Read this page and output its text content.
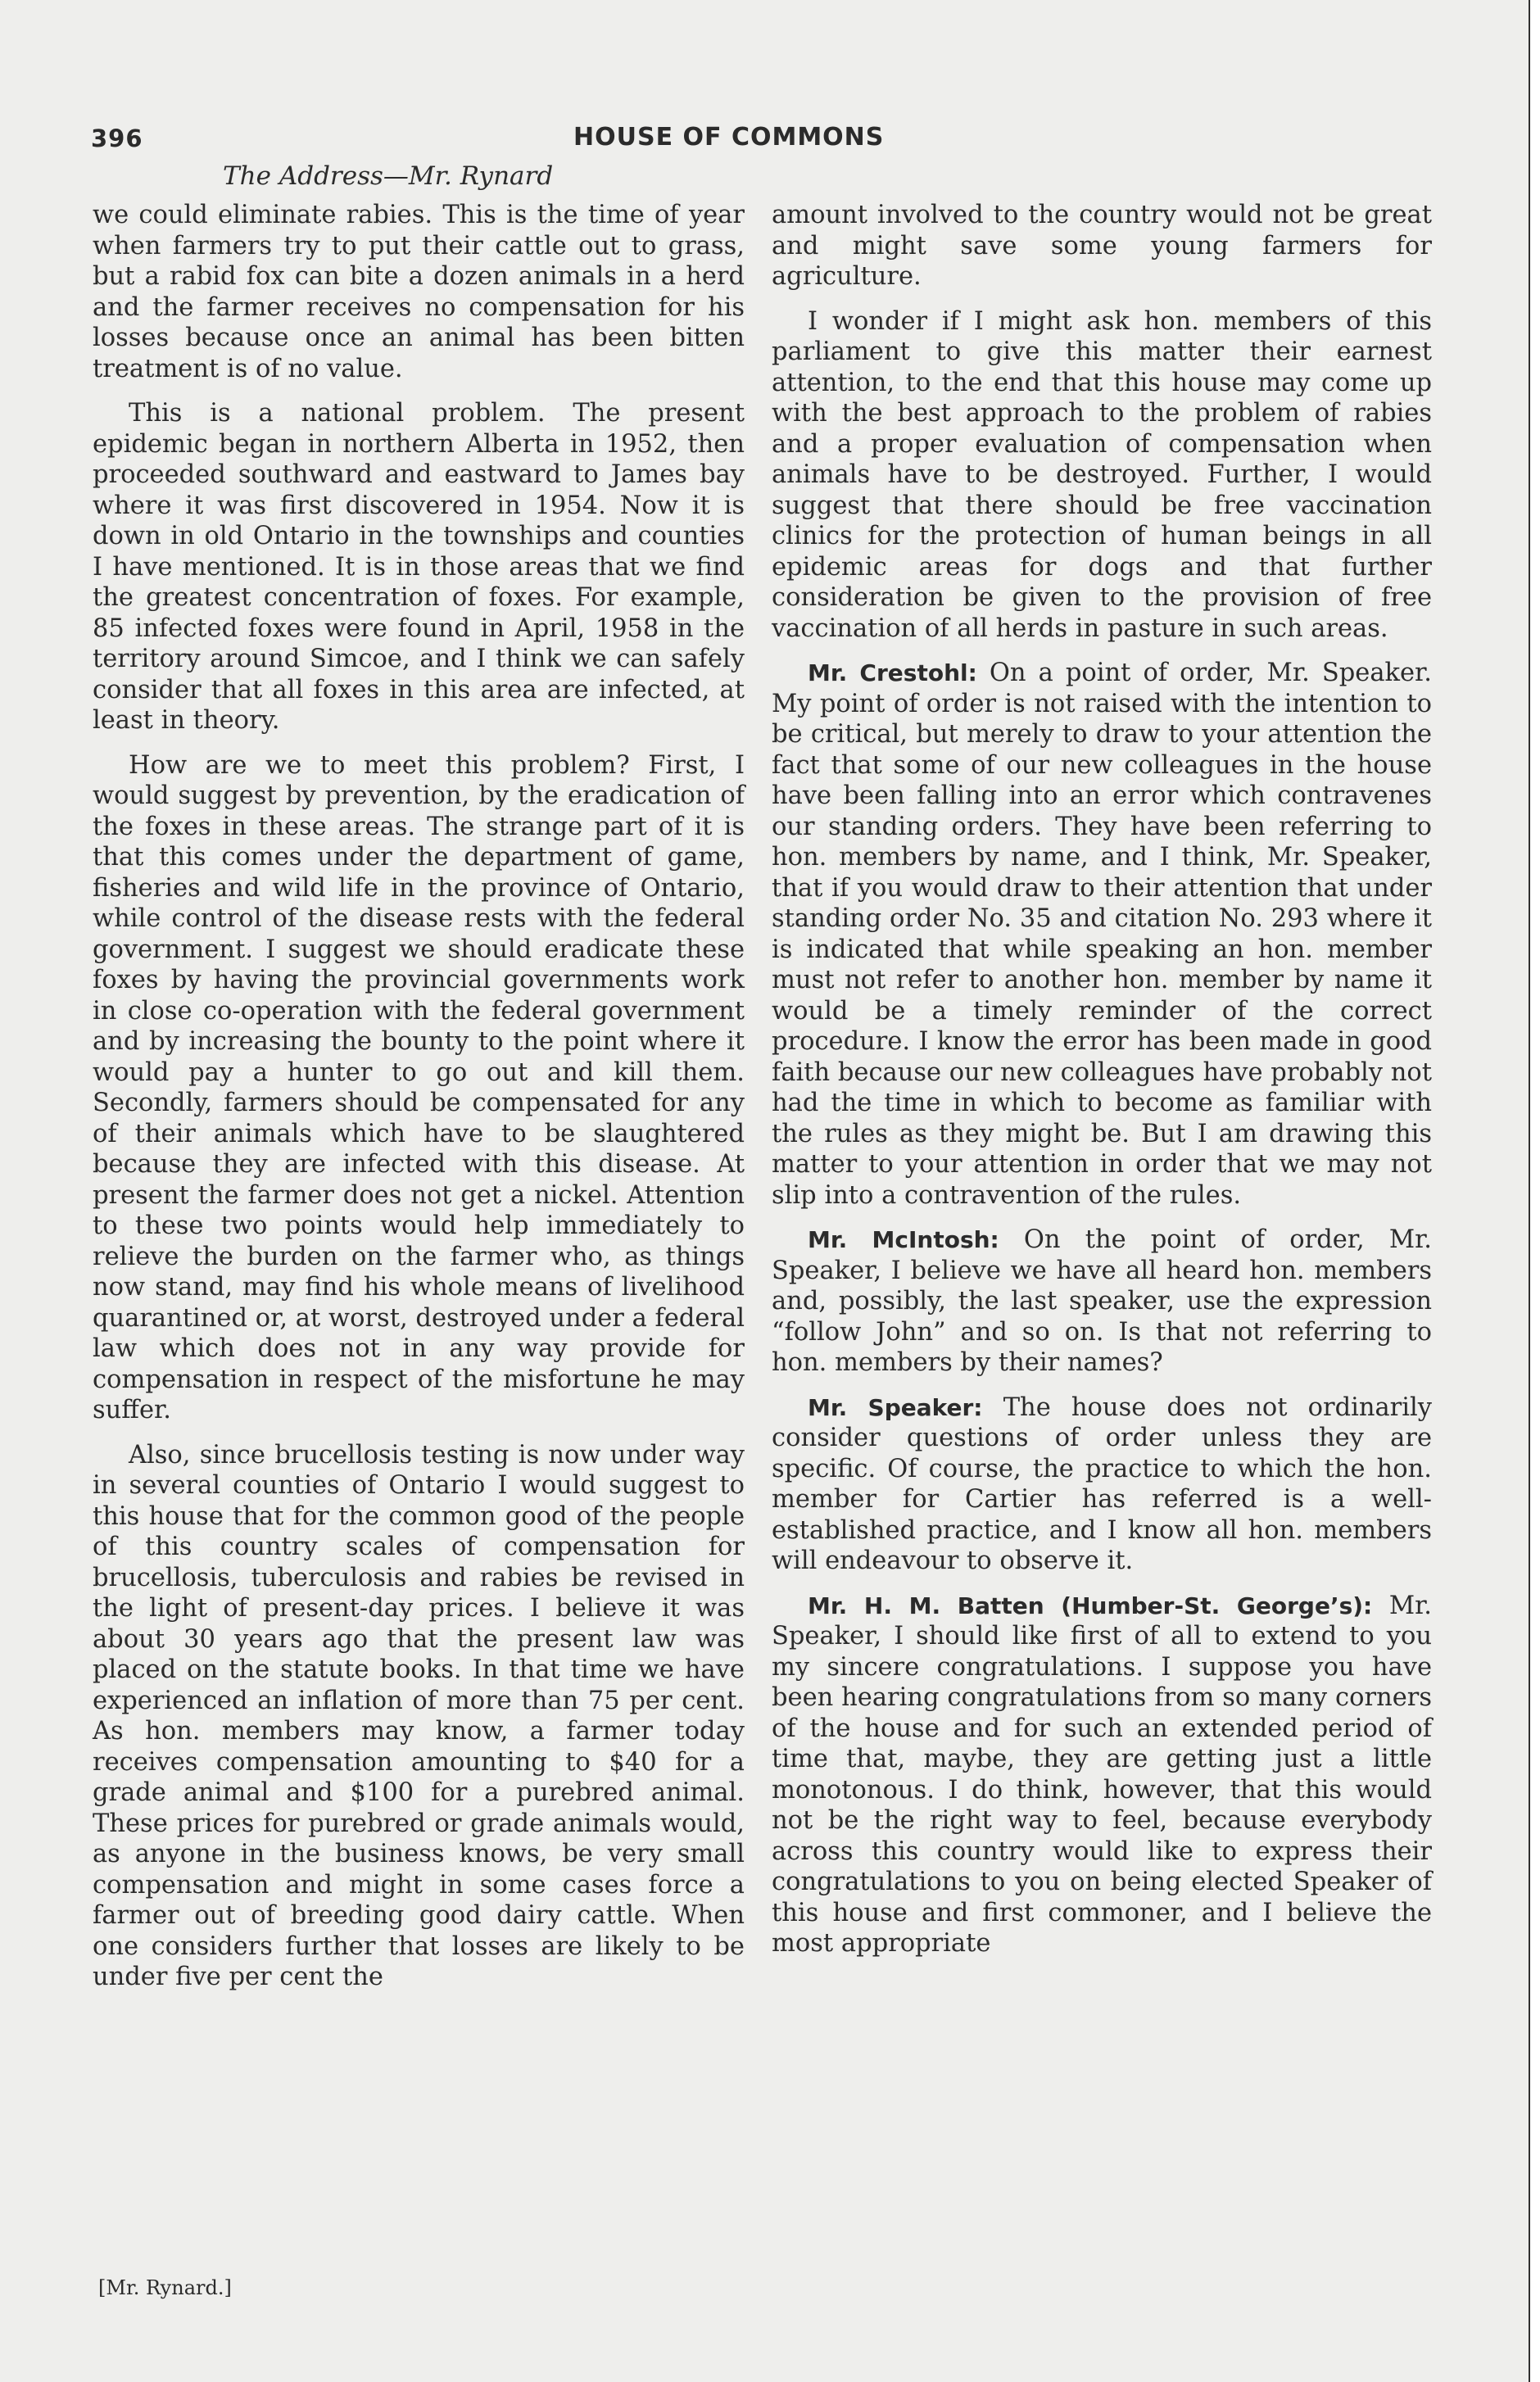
396	HOUSE OF COMMONS
The Address—Mr. Rynard

we could eliminate rabies. This is the time of year when farmers try to put their cattle out to grass, but a rabid fox can bite a dozen animals in a herd and the farmer receives no compensation for his losses because once an animal has been bitten treatment is of no value.

This is a national problem. The present epidemic began in northern Alberta in 1952, then proceeded southward and eastward to James bay where it was first discovered in 1954. Now it is down in old Ontario in the townships and counties I have mentioned. It is in those areas that we find the greatest concentration of foxes. For example, 85 infected foxes were found in April, 1958 in the territory around Simcoe, and I think we can safely consider that all foxes in this area are infected, at least in theory.

How are we to meet this problem? First, I would suggest by prevention, by the eradication of the foxes in these areas. The strange part of it is that this comes under the department of game, fisheries and wild life in the province of Ontario, while control of the disease rests with the federal government. I suggest we should eradicate these foxes by having the provincial governments work in close co-operation with the federal government and by increasing the bounty to the point where it would pay a hunter to go out and kill them. Secondly, farmers should be compensated for any of their animals which have to be slaughtered because they are infected with this disease. At present the farmer does not get a nickel. Attention to these two points would help immediately to relieve the burden on the farmer who, as things now stand, may find his whole means of livelihood quarantined or, at worst, destroyed under a federal law which does not in any way provide for compensation in respect of the misfortune he may suffer.

Also, since brucellosis testing is now under way in several counties of Ontario I would suggest to this house that for the common good of the people of this country scales of compensation for brucellosis, tuberculosis and rabies be revised in the light of present-day prices. I believe it was about 30 years ago that the present law was placed on the statute books. In that time we have experienced an inflation of more than 75 per cent. As hon. members may know, a farmer today receives compensation amounting to $40 for a grade animal and $100 for a purebred animal. These prices for purebred or grade animals would, as anyone in the business knows, be very small compensation and might in some cases force a farmer out of breeding good dairy cattle. When one considers further that losses are likely to be under five per cent the

amount involved to the country would not be great and might save some young farmers for agriculture.

I wonder if I might ask hon. members of this parliament to give this matter their earnest attention, to the end that this house may come up with the best approach to the problem of rabies and a proper evaluation of compensation when animals have to be destroyed. Further, I would suggest that there should be free vaccination clinics for the protection of human beings in all epidemic areas for dogs and that further consideration be given to the provision of free vaccination of all herds in pasture in such areas.

Mr. Crestohl: On a point of order, Mr. Speaker. My point of order is not raised with the intention to be critical, but merely to draw to your attention the fact that some of our new colleagues in the house have been falling into an error which contravenes our standing orders. They have been referring to hon. members by name, and I think, Mr. Speaker, that if you would draw to their attention that under standing order No. 35 and citation No. 293 where it is indicated that while speaking an hon. member must not refer to another hon. member by name it would be a timely reminder of the correct procedure. I know the error has been made in good faith because our new colleagues have probably not had the time in which to become as familiar with the rules as they might be. But I am drawing this matter to your attention in order that we may not slip into a contravention of the rules.

Mr. McIntosh: On the point of order, Mr. Speaker, I believe we have all heard hon. members and, possibly, the last speaker, use the expression “follow John” and so on. Is that not referring to hon. members by their names?

Mr. Speaker: The house does not ordinarily consider questions of order unless they are specific. Of course, the practice to which the hon. member for Cartier has referred is a well-established practice, and I know all hon. members will endeavour to observe it.

Mr. H. M. Batten (Humber-St. George’s): Mr. Speaker, I should like first of all to extend to you my sincere congratulations. I suppose you have been hearing congratulations from so many corners of the house and for such an extended period of time that, maybe, they are getting just a little monotonous. I do think, however, that this would not be the right way to feel, because everybody across this country would like to express their congratulations to you on being elected Speaker of this house and first commoner, and I believe the most appropriate

[Mr. Rynard.]
